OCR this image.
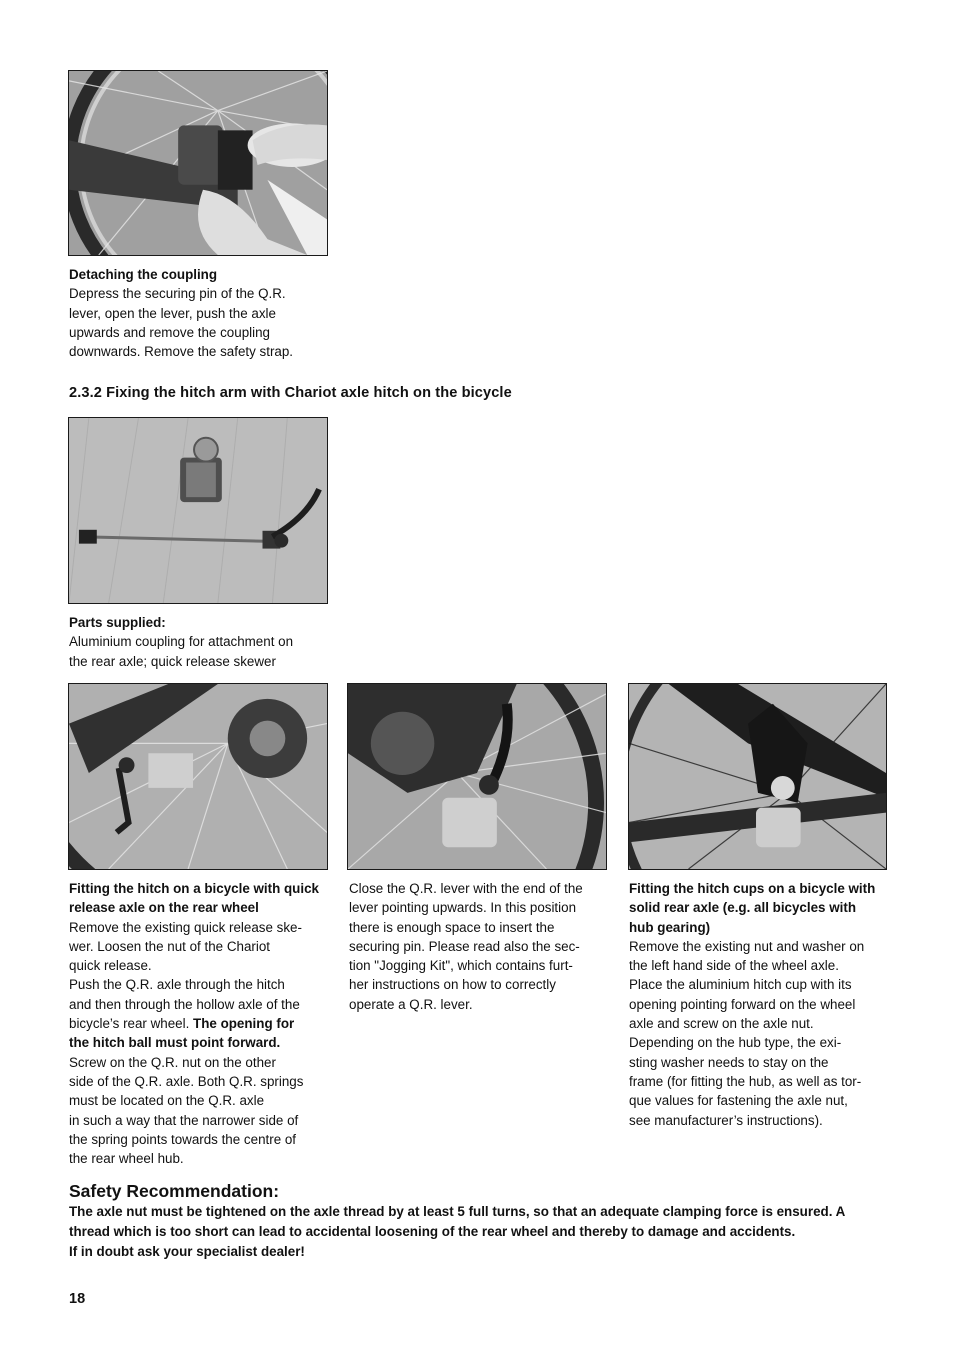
Detaching the coupling
Depress the securing pin of the Q.R.
lever, open the lever, push the axle
upwards and remove the coupling
downwards. Remove the safety strap.
2.3.2 Fixing the hitch arm with Chariot axle hitch on the bicycle
Parts supplied:
Aluminium coupling for attachment on
the rear axle; quick release skewer
Fitting the hitch on a bicycle with quick
release axle on the rear wheel
Remove the existing quick release ske-
wer. Loosen the nut of the Chariot
quick release.
Push the Q.R. axle through the hitch
and then through the hollow axle of the
bicycle’s rear wheel. The opening for
the hitch ball must point forward.
Screw on the Q.R. nut on the other
side of the Q.R. axle. Both Q.R. springs
must be located on the Q.R. axle
in such a way that the narrower side of
the spring points towards the centre of
the rear wheel hub.
Close the Q.R. lever with the end of the
lever pointing upwards. In this position
there is enough space to insert the
securing pin. Please read also the sec-
tion "Jogging Kit", which contains furt-
her instructions on how to correctly
operate a Q.R. lever.
Fitting the hitch cups on a bicycle with
solid rear axle (e.g. all bicycles with
hub gearing)
Remove the existing nut and washer on
the left hand side of the wheel axle.
Place the aluminium hitch cup with its
opening pointing forward on the wheel
axle and screw on the axle nut.
Depending on the hub type, the exi-
sting washer needs to stay on the
frame (for fitting the hub, as well as tor-
que values for fastening the axle nut,
see manufacturer’s instructions).
Safety Recommendation:
The axle nut must be tightened on the axle thread by at least 5 full turns, so that an adequate clamping force is ensured. A
thread which is too short can lead to accidental loosening of the rear wheel and thereby to damage and accidents.
If in doubt ask your specialist dealer!
18
